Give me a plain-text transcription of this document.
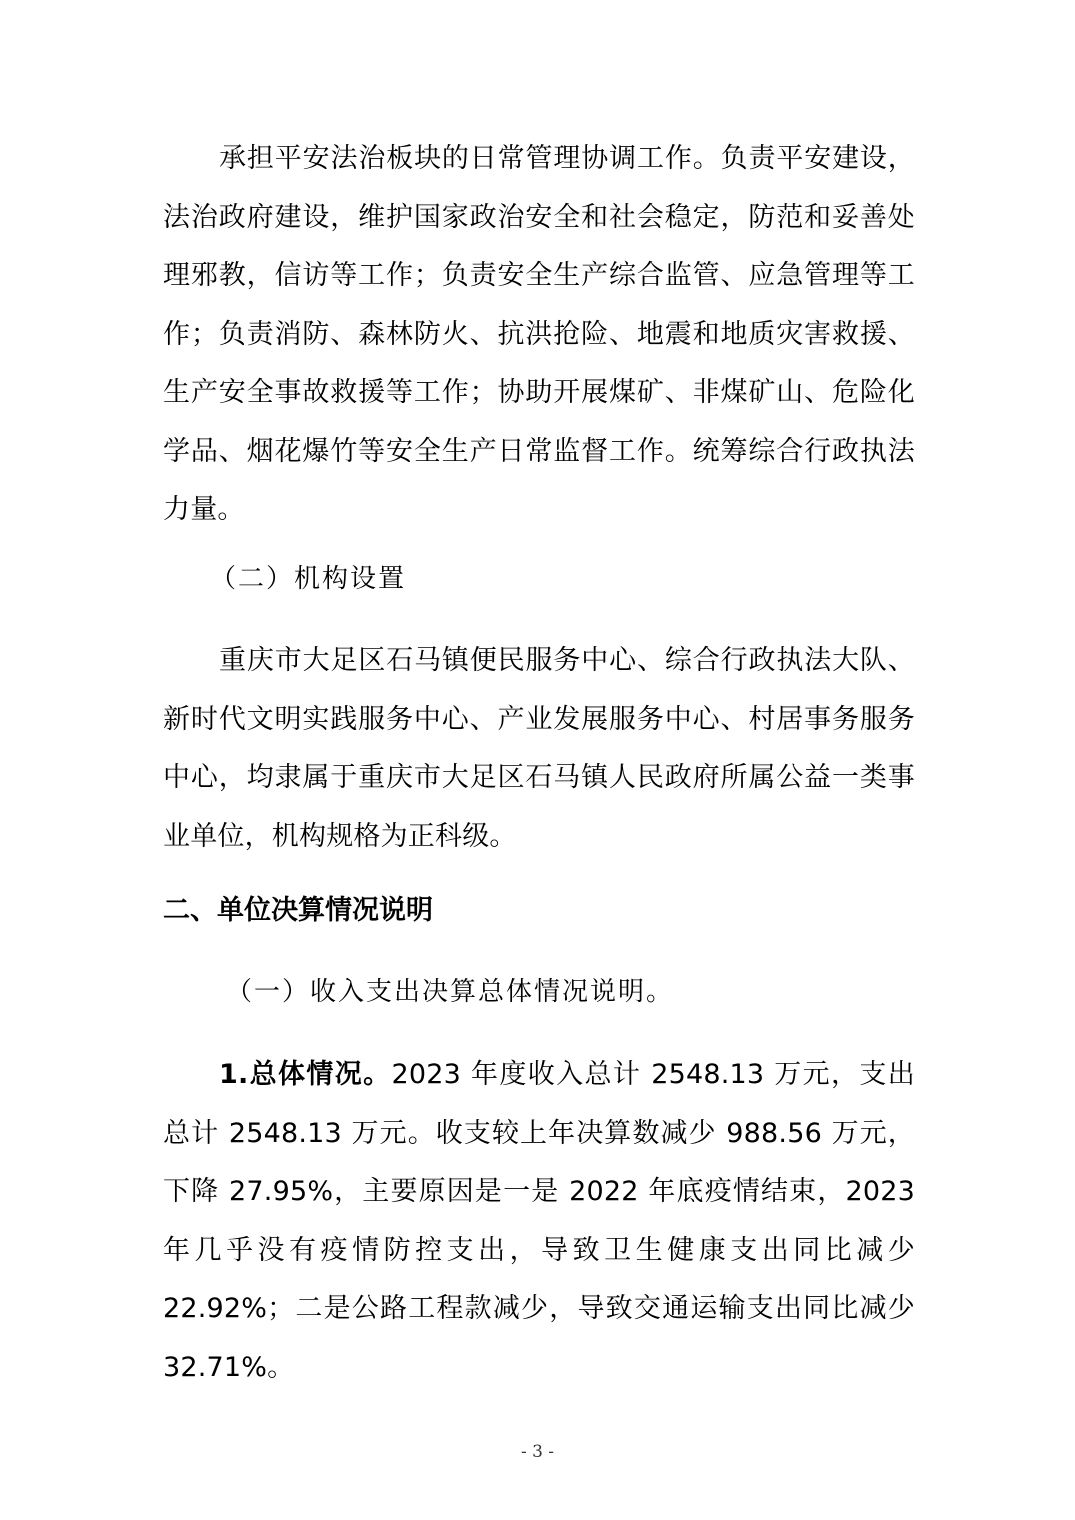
承担平安法治板块的日常管理协调工作。负责平安建设，法治政府建设，维护国家政治安全和社会稳定，防范和妥善处理邪教，信访等工作；负责安全生产综合监管、应急管理等工作；负责消防、森林防火、抗洪抢险、地震和地质灾害救援、生产安全事故救援等工作；协助开展煤矿、非煤矿山、危险化学品、烟花爆竹等安全生产日常监督工作。统筹综合行政执法力量。

（二）机构设置

重庆市大足区石马镇便民服务中心、综合行政执法大队、新时代文明实践服务中心、产业发展服务中心、村居事务服务中心，均隶属于重庆市大足区石马镇人民政府所属公益一类事业单位，机构规格为正科级。

二、单位决算情况说明

（一）收入支出决算总体情况说明。

1.总体情况。2023 年度收入总计 2548.13 万元，支出总计 2548.13 万元。收支较上年决算数减少 988.56 万元，下降 27.95%，主要原因是一是 2022 年底疫情结束，2023 年几乎没有疫情防控支出，导致卫生健康支出同比减少 22.92%；二是公路工程款减少，导致交通运输支出同比减少 32.71%。

- 3 -
